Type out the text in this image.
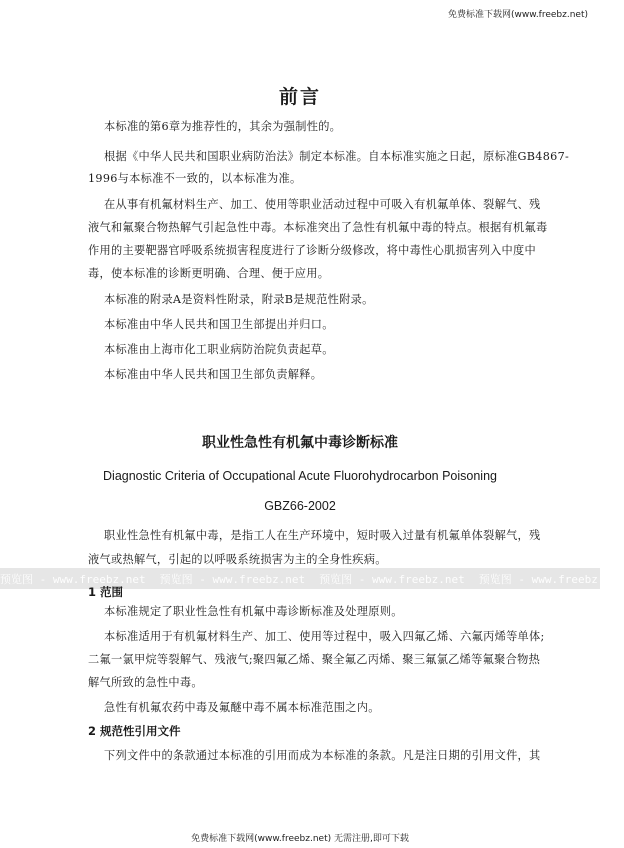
免费标准下载网(www.freebz.net)
前言
本标准的第6章为推荐性的，其余为强制性的。
根据《中华人民共和国职业病防治法》制定本标准。自本标准实施之日起，原标准GB4867-
1996与本标准不一致的，以本标准为准。
在从事有机氟材料生产、加工、使用等职业活动过程中可吸入有机氟单体、裂解气、残
液气和氟聚合物热解气引起急性中毒。本标准突出了急性有机氟中毒的特点。根据有机氟毒
作用的主要靶器官呼吸系统损害程度进行了诊断分级修改，将中毒性心肌损害列入中度中
毒，使本标准的诊断更明确、合理、便于应用。
本标准的附录A是资料性附录，附录B是规范性附录。
本标准由中华人民共和国卫生部提出并归口。
本标准由上海市化工职业病防治院负责起草。
本标准由中华人民共和国卫生部负责解释。
职业性急性有机氟中毒诊断标准
Diagnostic Criteria of Occupational Acute Fluorohydrocarbon Poisoning
GBZ66-2002
职业性急性有机氟中毒，是指工人在生产环境中，短时吸入过量有机氟单体裂解气，残
液气或热解气，引起的以呼吸系统损害为主的全身性疾病。
预览图 - www.freebz.net 预览图 - www.freebz.net 预览图 - www.freebz.net 预览图 - www.freebz.net
1 范围
本标准规定了职业性急性有机氟中毒诊断标准及处理原则。
本标准适用于有机氟材料生产、加工、使用等过程中，吸入四氟乙烯、六氟丙烯等单体;
二氟一氯甲烷等裂解气、残液气;聚四氟乙烯、聚全氟乙丙烯、聚三氟氯乙烯等氟聚合物热
解气所致的急性中毒。
急性有机氟农药中毒及氟醚中毒不属本标准范围之内。
2 规范性引用文件
下列文件中的条款通过本标准的引用而成为本标准的条款。凡是注日期的引用文件，其
免费标准下载网(www.freebz.net) 无需注册,即可下载
